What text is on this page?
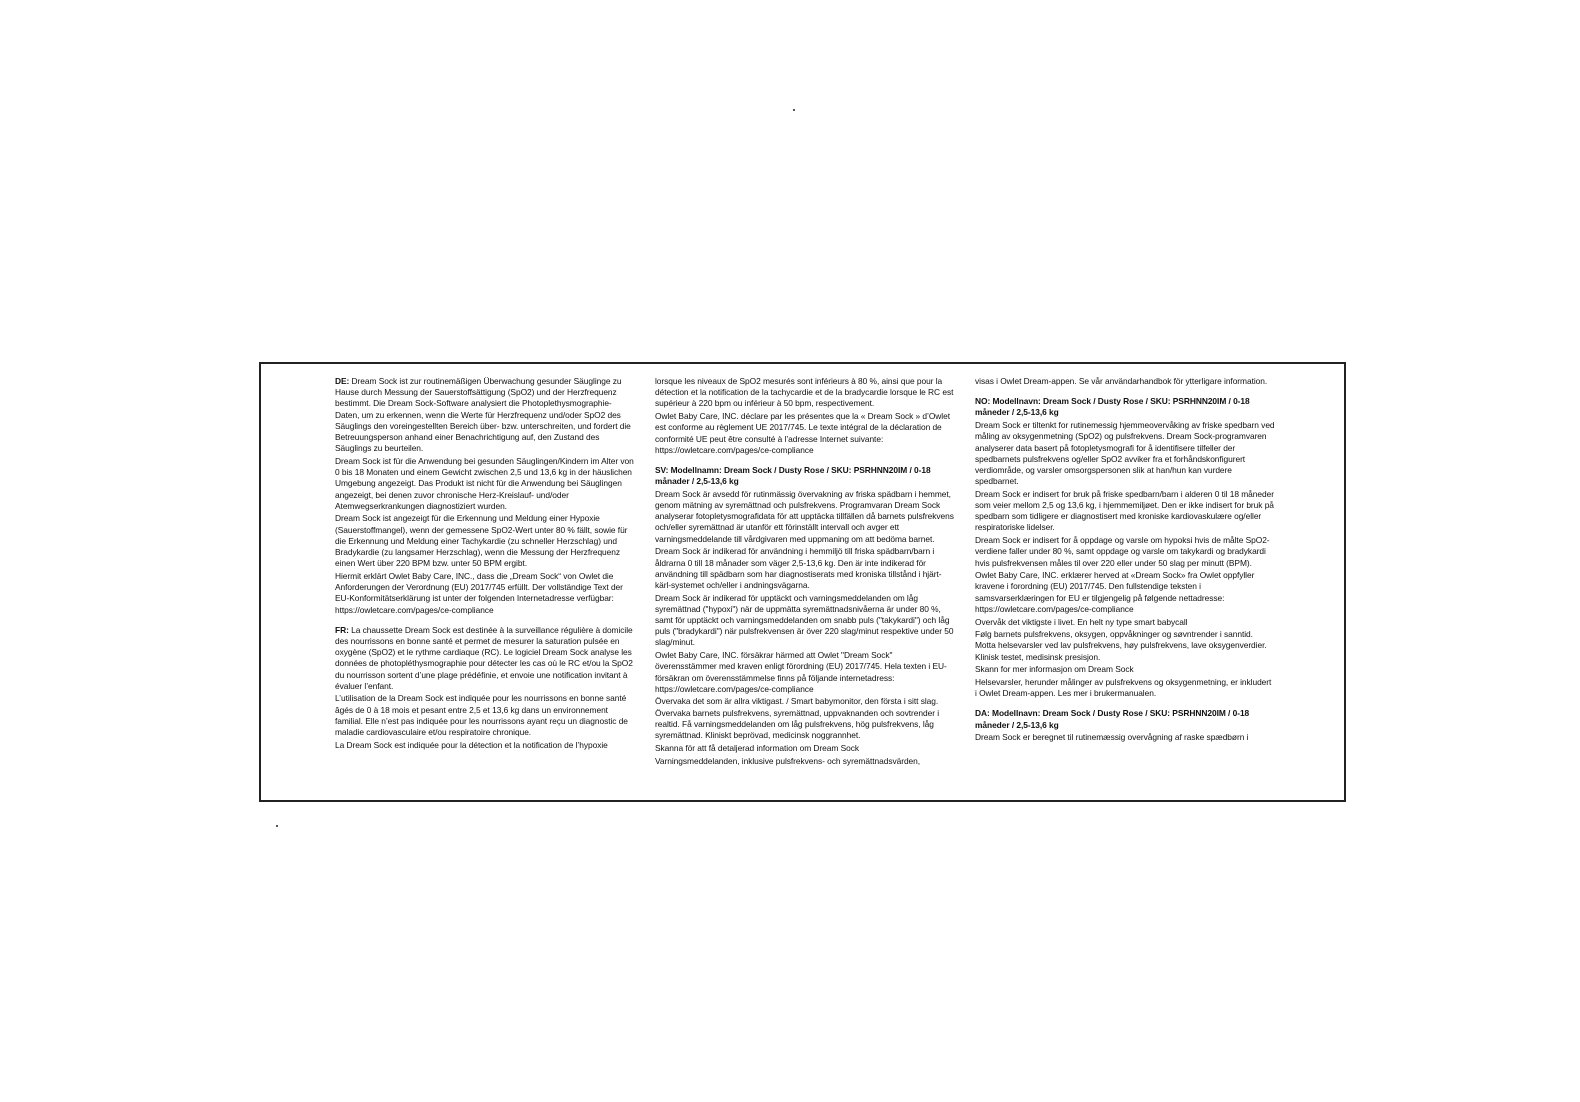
DE: Dream Sock ist zur routinemäßigen Überwachung gesunder Säuglinge zu Hause durch Messung der Sauerstoffsättigung (SpO2) und der Herzfrequenz bestimmt. Die Dream Sock-Software analysiert die Photoplethysmographie-Daten, um zu erkennen, wenn die Werte für Herzfrequenz und/oder SpO2 des Säuglings den voreingestellten Bereich über- bzw. unterschreiten, und fordert die Betreuungsperson anhand einer Benachrichtigung auf, den Zustand des Säuglings zu beurteilen.

Dream Sock ist für die Anwendung bei gesunden Säuglingen/Kindern im Alter von 0 bis 18 Monaten und einem Gewicht zwischen 2,5 und 13,6 kg in der häuslichen Umgebung angezeigt. Das Produkt ist nicht für die Anwendung bei Säuglingen angezeigt, bei denen zuvor chronische Herz-Kreislauf- und/oder Atemwegserkrankungen diagnostiziert wurden.

Dream Sock ist angezeigt für die Erkennung und Meldung einer Hypoxie (Sauerstoffmangel), wenn der gemessene SpO2-Wert unter 80 % fällt, sowie für die Erkennung und Meldung einer Tachykardie (zu schneller Herzschlag) und Bradykardie (zu langsamer Herzschlag), wenn die Messung der Herzfrequenz einen Wert über 220 BPM bzw. unter 50 BPM ergibt.

Hiermit erklärt Owlet Baby Care, INC., dass die „Dream Sock“ von Owlet die Anforderungen der Verordnung (EU) 2017/745 erfüllt. Der vollständige Text der EU-Konformitätserklärung ist unter der folgenden Internetadresse verfügbar: https://owletcare.com/pages/ce-compliance

FR: La chaussette Dream Sock est destinée à la surveillance régulière à domicile des nourrissons en bonne santé et permet de mesurer la saturation pulsée en oxygène (SpO2) et le rythme cardiaque (RC). Le logiciel Dream Sock analyse les données de photopléthysmographie pour détecter les cas où le RC et/ou la SpO2 du nourrisson sortent d’une plage prédéfinie, et envoie une notification invitant à évaluer l’enfant.

L’utilisation de la Dream Sock est indiquée pour les nourrissons en bonne santé âgés de 0 à 18 mois et pesant entre 2,5 et 13,6 kg dans un environnement familial. Elle n’est pas indiquée pour les nourrissons ayant reçu un diagnostic de maladie cardiovasculaire et/ou respiratoire chronique.

La Dream Sock est indiquée pour la détection et la notification de l’hypoxie

lorsque les niveaux de SpO2 mesurés sont inférieurs à 80 %, ainsi que pour la détection et la notification de la tachycardie et de la bradycardie lorsque le RC est supérieur à 220 bpm ou inférieur à 50 bpm, respectivement.

Owlet Baby Care, INC. déclare par les présentes que la « Dream Sock » d’Owlet est conforme au règlement UE 2017/745. Le texte intégral de la déclaration de conformité UE peut être consulté à l’adresse Internet suivante: https://owletcare.com/pages/ce-compliance

SV: Modellnamn: Dream Sock / Dusty Rose / SKU: PSRHNN20IM / 0-18 månader / 2,5-13,6 kg

Dream Sock är avsedd för rutinmässig övervakning av friska spädbarn i hemmet, genom mätning av syremättnad och pulsfrekvens. Programvaran Dream Sock analyserar fotopletysmografidata för att upptäcka tillfällen då barnets pulsfrekvens och/eller syremättnad är utanför ett förinställt intervall och avger ett varningsmeddelande till vårdgivaren med uppmaning om att bedöma barnet.

Dream Sock är indikerad för användning i hemmiljö till friska spädbarn/barn i åldrarna 0 till 18 månader som väger 2,5-13,6 kg. Den är inte indikerad för användning till spädbarn som har diagnostiserats med kroniska tillstånd i hjärt-kärl-systemet och/eller i andningsvägarna.

Dream Sock är indikerad för upptäckt och varningsmeddelanden om låg syremättnad ("hypoxi") när de uppmätta syremättnadsnivåerna är under 80 %, samt för upptäckt och varningsmeddelanden om snabb puls ("takykardi") och låg puls ("bradykardi") när pulsfrekvensen är över 220 slag/minut respektive under 50 slag/minut.

Owlet Baby Care, INC. försäkrar härmed att Owlet "Dream Sock" överensstämmer med kraven enligt förordning (EU) 2017/745. Hela texten i EU-försäkran om överensstämmelse finns på följande internetadress: https://owletcare.com/pages/ce-compliance

Övervaka det som är allra viktigast. / Smart babymonitor, den första i sitt slag. Övervaka barnets pulsfrekvens, syremättnad, uppvaknanden och sovtrender i realtid. Få varningsmeddelanden om låg pulsfrekvens, hög pulsfrekvens, låg syremättnad. Kliniskt beprövad, medicinsk noggrannhet.

Skanna för att få detaljerad information om Dream Sock

Varningsmeddelanden, inklusive pulsfrekvens- och syremättnadsvärden,

visas i Owlet Dream-appen. Se vår användarhandbok för ytterligare information.

NO: Modellnavn: Dream Sock / Dusty Rose / SKU: PSRHNN20IM / 0-18 måneder / 2,5-13,6 kg

Dream Sock er tiltenkt for rutinemessig hjemmeovervåking av friske spedbarn ved måling av oksygenmetning (SpO2) og pulsfrekvens. Dream Sock-programvaren analyserer data basert på fotopletysmografi for å identifisere tilfeller der spedbarnets pulsfrekvens og/eller SpO2 avviker fra et forhåndskonfigurert verdiområde, og varsler omsorgspersonen slik at han/hun kan vurdere spedbarnet.

Dream Sock er indisert for bruk på friske spedbarn/barn i alderen 0 til 18 måneder som veier mellom 2,5 og 13,6 kg, i hjemmemiljøet. Den er ikke indisert for bruk på spedbarn som tidligere er diagnostisert med kroniske kardiovaskulære og/eller respiratoriske lidelser.

Dream Sock er indisert for å oppdage og varsle om hypoksi hvis de målte SpO2-verdiene faller under 80 %, samt oppdage og varsle om takykardi og bradykardi hvis pulsfrekvensen måles til over 220 eller under 50 slag per minutt (BPM).

Owlet Baby Care, INC. erklærer herved at «Dream Sock» fra Owlet oppfyller kravene i forordning (EU) 2017/745. Den fullstendige teksten i samsvarserklæringen for EU er tilgjengelig på følgende nettadresse: https://owletcare.com/pages/ce-compliance

Overvåk det viktigste i livet. En helt ny type smart babycall

Følg barnets pulsfrekvens, oksygen, oppvåkninger og søvntrender i sanntid. Motta helsevarsler ved lav pulsfrekvens, høy pulsfrekvens, lave oksygenverdier. Klinisk testet, medisinsk presisjon.

Skann for mer informasjon om Dream Sock

Helsevarsler, herunder målinger av pulsfrekvens og oksygenmetning, er inkludert i Owlet Dream-appen. Les mer i brukermanualen.

DA: Modellnavn: Dream Sock / Dusty Rose / SKU: PSRHNN20IM / 0-18 måneder / 2,5-13,6 kg

Dream Sock er beregnet til rutinemæssig overvågning af raske spædbørn i
